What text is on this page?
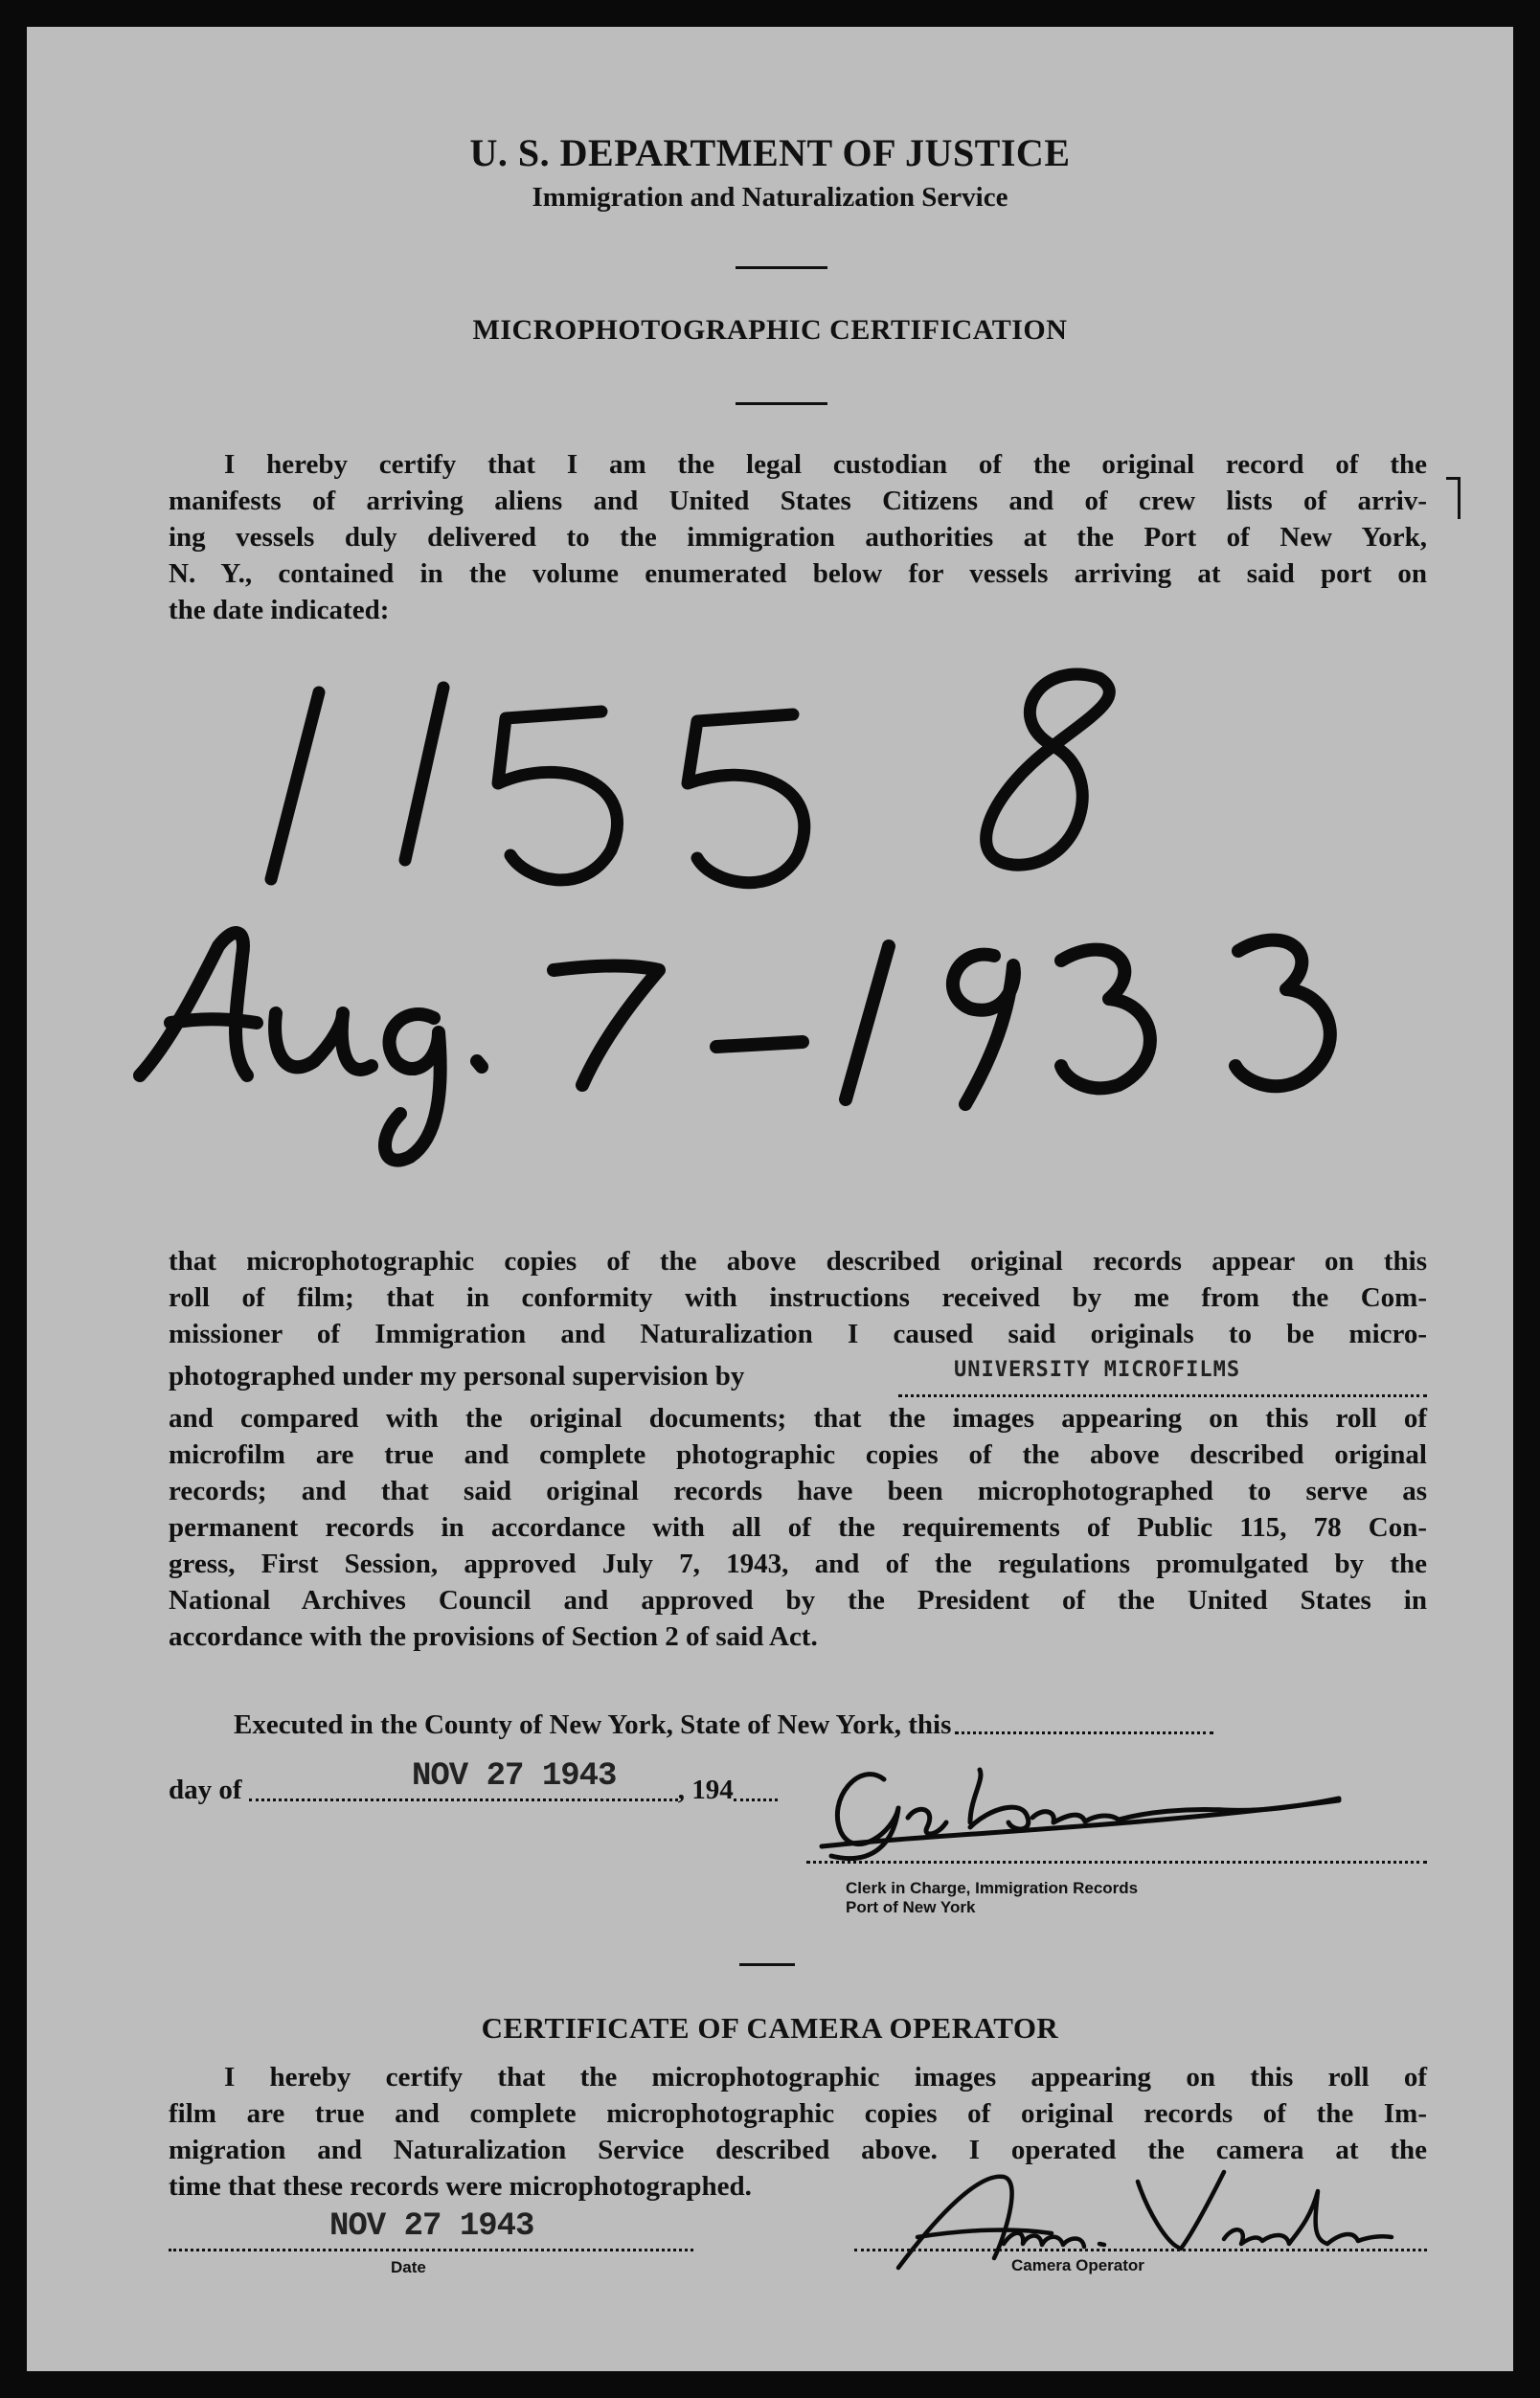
U. S. DEPARTMENT OF JUSTICE
Immigration and Naturalization Service
MICROPHOTOGRAPHIC CERTIFICATION
I hereby certify that I am the legal custodian of the original record of the
manifests of arriving aliens and United States Citizens and of crew lists of arriv-
ing vessels duly delivered to the immigration authorities at the Port of New York,
N. Y., contained in the volume enumerated below for vessels arriving at said port on
the date indicated:
that microphotographic copies of the above described original records appear on this
roll of film; that in conformity with instructions received by me from the Com-
missioner of Immigration and Naturalization I caused said originals to be micro-
photographed under my personal supervision by	UNIVERSITY MICROFILMS
and compared with the original documents; that the images appearing on this roll of
microfilm are true and complete photographic copies of the above described original
records; and that said original records have been microphotographed to serve as
permanent records in accordance with all of the requirements of Public 115, 78 Con-
gress, First Session, approved July 7, 1943, and of the regulations promulgated by the
National Archives Council and approved by the President of the United States in
accordance with the provisions of Section 2 of said Act.
Executed in the County of New York, State of New York, this
day of	, 194
NOV 27 1943
Clerk in Charge, Immigration Records
Port of New York
CERTIFICATE OF CAMERA OPERATOR
I hereby certify that the microphotographic images appearing on this roll of
film are true and complete microphotographic copies of original records of the Im-
migration and Naturalization Service described above. I operated the camera at the
time that these records were microphotographed.
NOV 27 1943
Date	Camera Operator
